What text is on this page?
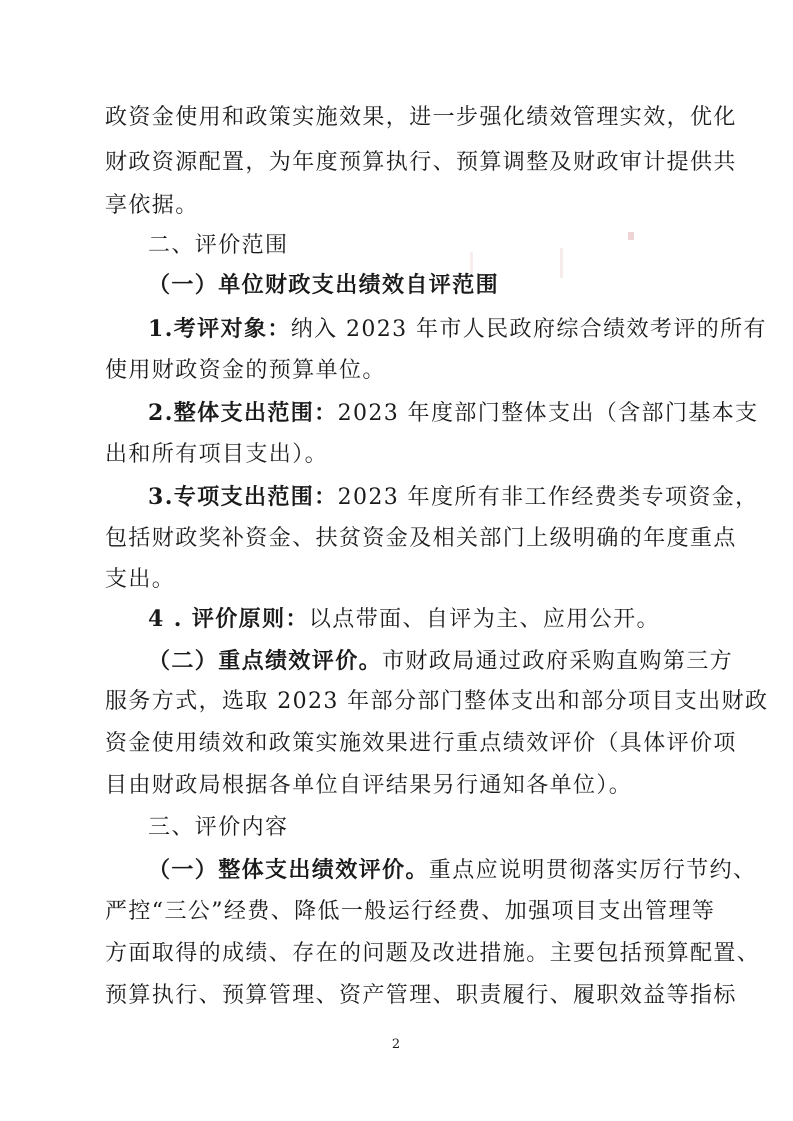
政资金使用和政策实施效果，进一步强化绩效管理实效，优化
财政资源配置，为年度预算执行、预算调整及财政审计提供共
享依据。
二、评价范围
（一）单位财政支出绩效自评范围
1.考评对象：纳入 2023 年市人民政府综合绩效考评的所有
使用财政资金的预算单位。
2.整体支出范围：2023 年度部门整体支出（含部门基本支
出和所有项目支出）。
3.专项支出范围：2023 年度所有非工作经费类专项资金，
包括财政奖补资金、扶贫资金及相关部门上级明确的年度重点
支出。
4 . 评价原则：以点带面、自评为主、应用公开。
（二）重点绩效评价。市财政局通过政府采购直购第三方
服务方式，选取 2023 年部分部门整体支出和部分项目支出财政
资金使用绩效和政策实施效果进行重点绩效评价（具体评价项
目由财政局根据各单位自评结果另行通知各单位）。
三、评价内容
（一）整体支出绩效评价。重点应说明贯彻落实厉行节约、
严控“三公”经费、降低一般运行经费、加强项目支出管理等
方面取得的成绩、存在的问题及改进措施。主要包括预算配置、
预算执行、预算管理、资产管理、职责履行、履职效益等指标
2
